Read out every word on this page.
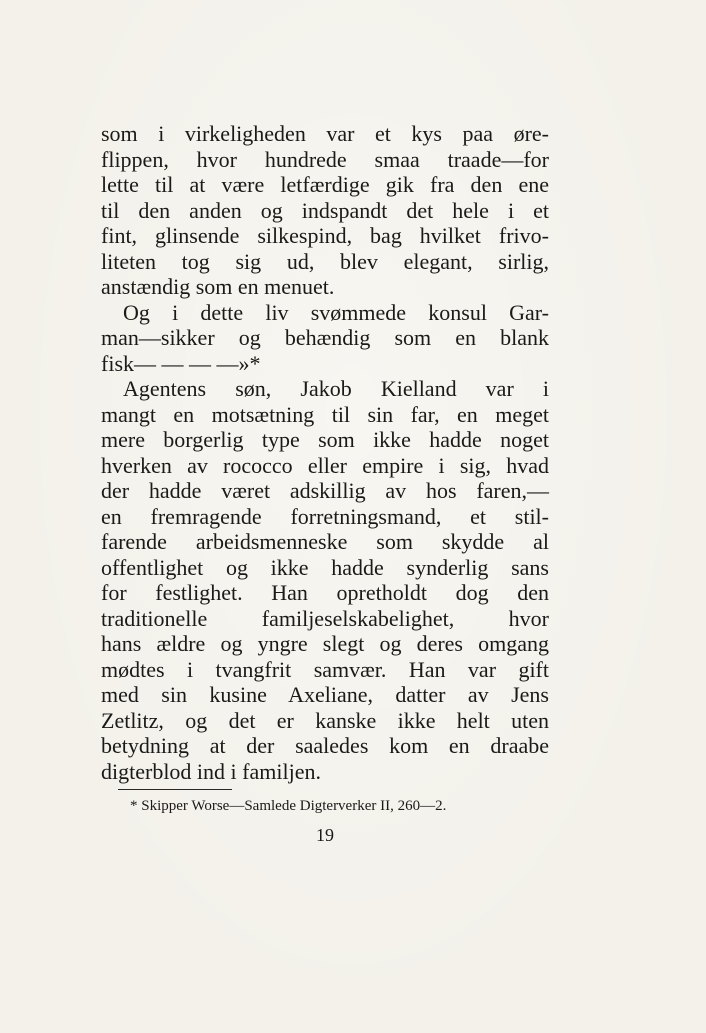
som i virkeligheden var et kys paa øre-
flippen, hvor hundrede smaa traade—for
lette til at være letfærdige gik fra den ene
til den anden og indspandt det hele i et
fint, glinsende silkespind, bag hvilket frivo-
liteten tog sig ud, blev elegant, sirlig,
anstændig som en menuet.
Og i dette liv svømmede konsul Gar-
man—sikker og behændig som en blank
fisk— — — —»*
Agentens søn, Jakob Kielland var i
mangt en motsætning til sin far, en meget
mere borgerlig type som ikke hadde noget
hverken av rococco eller empire i sig, hvad
der hadde været adskillig av hos faren,—
en fremragende forretningsmand, et stil-
farende arbeidsmenneske som skydde al
offentlighet og ikke hadde synderlig sans
for festlighet. Han opretholdt dog den
traditionelle familjeselskabelighet, hvor
hans ældre og yngre slegt og deres omgang
mødtes i tvangfrit samvær. Han var gift
med sin kusine Axeliane, datter av Jens
Zetlitz, og det er kanske ikke helt uten
betydning at der saaledes kom en draabe
digterblod ind i familjen.
* Skipper Worse—Samlede Digterverker II, 260—2.
19
